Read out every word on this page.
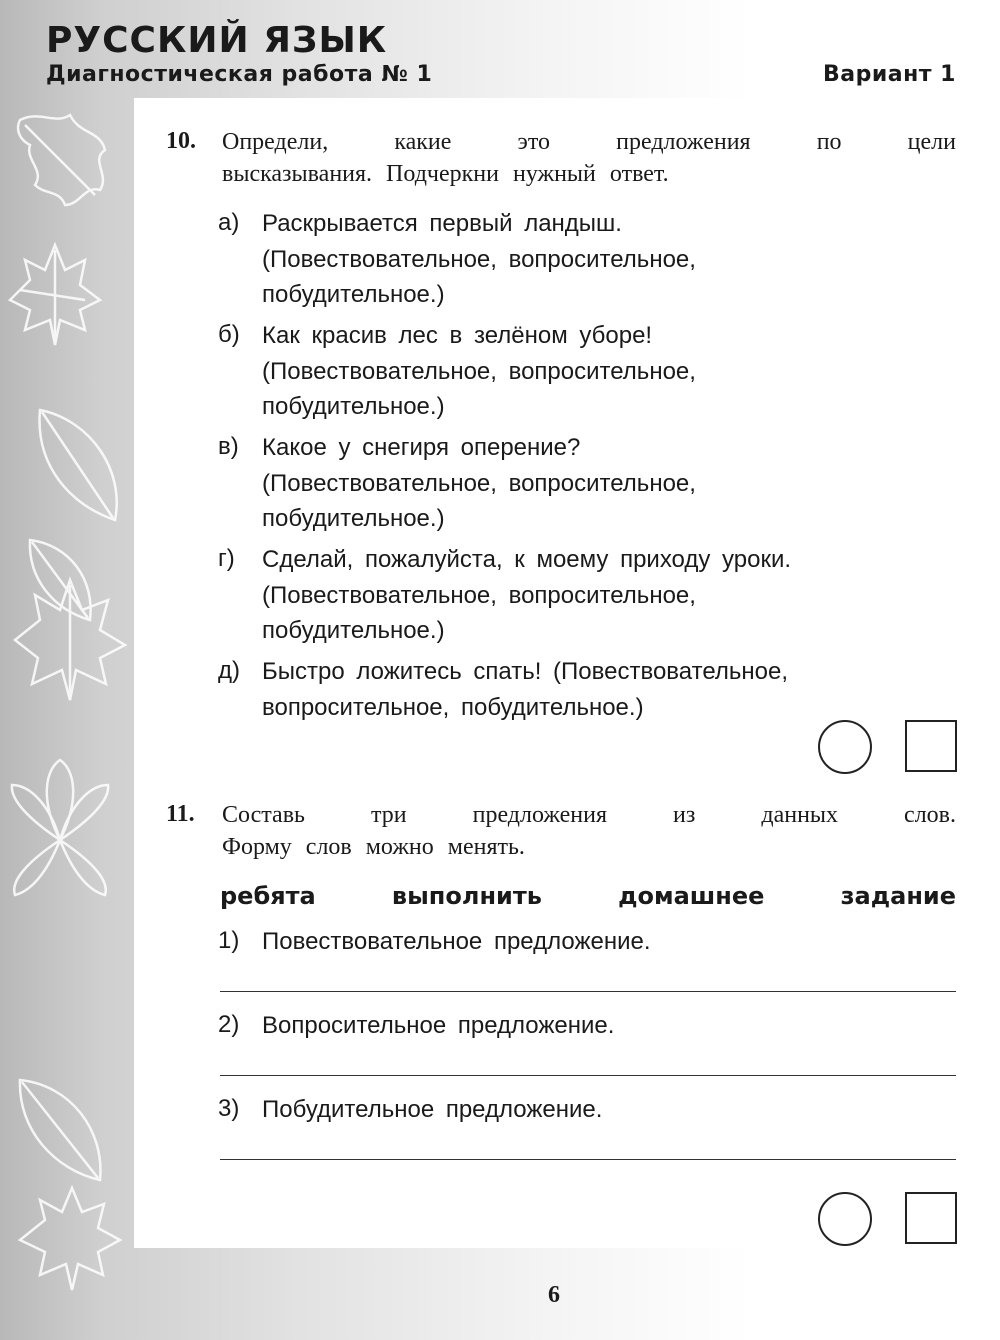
РУССКИЙ ЯЗЫК
Диагностическая работа № 1	Вариант 1
10. Определи, какие это предложения по цели
высказывания. Подчеркни нужный ответ.
а) Раскрывается первый ландыш.
(Повествовательное, вопросительное,
побудительное.)
б) Как красив лес в зелёном уборе!
(Повествовательное, вопросительное,
побудительное.)
в) Какое у снегиря оперение?
(Повествовательное, вопросительное,
побудительное.)
г) Сделай, пожалуйста, к моему приходу уроки.
(Повествовательное, вопросительное,
побудительное.)
д) Быстро ложитесь спать! (Повествовательное,
вопросительное, побудительное.)
11. Составь три предложения из данных слов.
Форму слов можно менять.
ребята	выполнить	домашнее	задание
1) Повествовательное предложение.
2) Вопросительное предложение.
3) Побудительное предложение.
6
